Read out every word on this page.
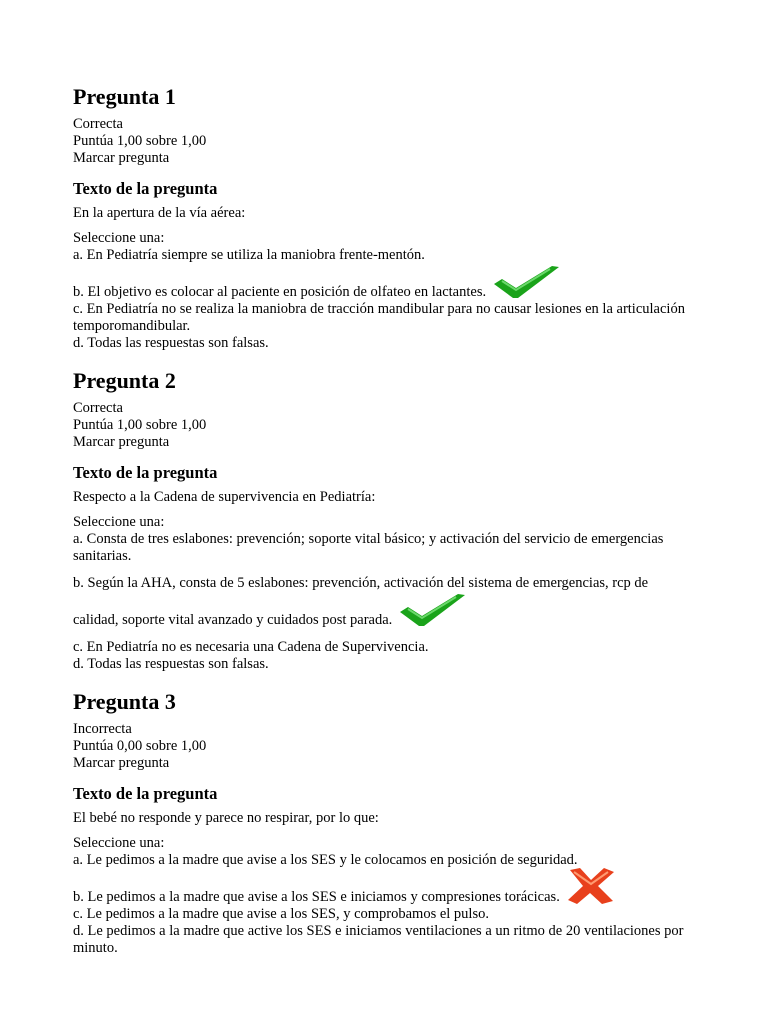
Pregunta 1
Correcta
Puntúa 1,00 sobre 1,00
Marcar pregunta
Texto de la pregunta
En la apertura de la vía aérea:
Seleccione una:
a. En Pediatría siempre se utiliza la maniobra frente-mentón.
b. El objetivo es colocar al paciente en posición de olfateo en lactantes.
c. En Pediatría no se realiza la maniobra de tracción mandibular para no causar lesiones en la articulación temporomandibular.
d. Todas las respuestas son falsas.
Pregunta 2
Correcta
Puntúa 1,00 sobre 1,00
Marcar pregunta
Texto de la pregunta
Respecto a la Cadena de supervivencia en Pediatría:
Seleccione una:
a. Consta de tres eslabones: prevención; soporte vital básico; y activación del servicio de emergencias sanitarias.
b. Según la AHA, consta de 5 eslabones: prevención, activación del sistema de emergencias, rcp de calidad, soporte vital avanzado y cuidados post parada.
c. En Pediatría no es necesaria una Cadena de Supervivencia.
d. Todas las respuestas son falsas.
Pregunta 3
Incorrecta
Puntúa 0,00 sobre 1,00
Marcar pregunta
Texto de la pregunta
El bebé no responde y parece no respirar, por lo que:
Seleccione una:
a. Le pedimos a la madre que avise a los SES y le colocamos en posición de seguridad.
b. Le pedimos a la madre que avise a los SES e iniciamos y compresiones torácicas.
c. Le pedimos a la madre que avise a los SES, y comprobamos el pulso.
d. Le pedimos a la madre que active los SES e iniciamos ventilaciones a un ritmo de 20 ventilaciones por minuto.
